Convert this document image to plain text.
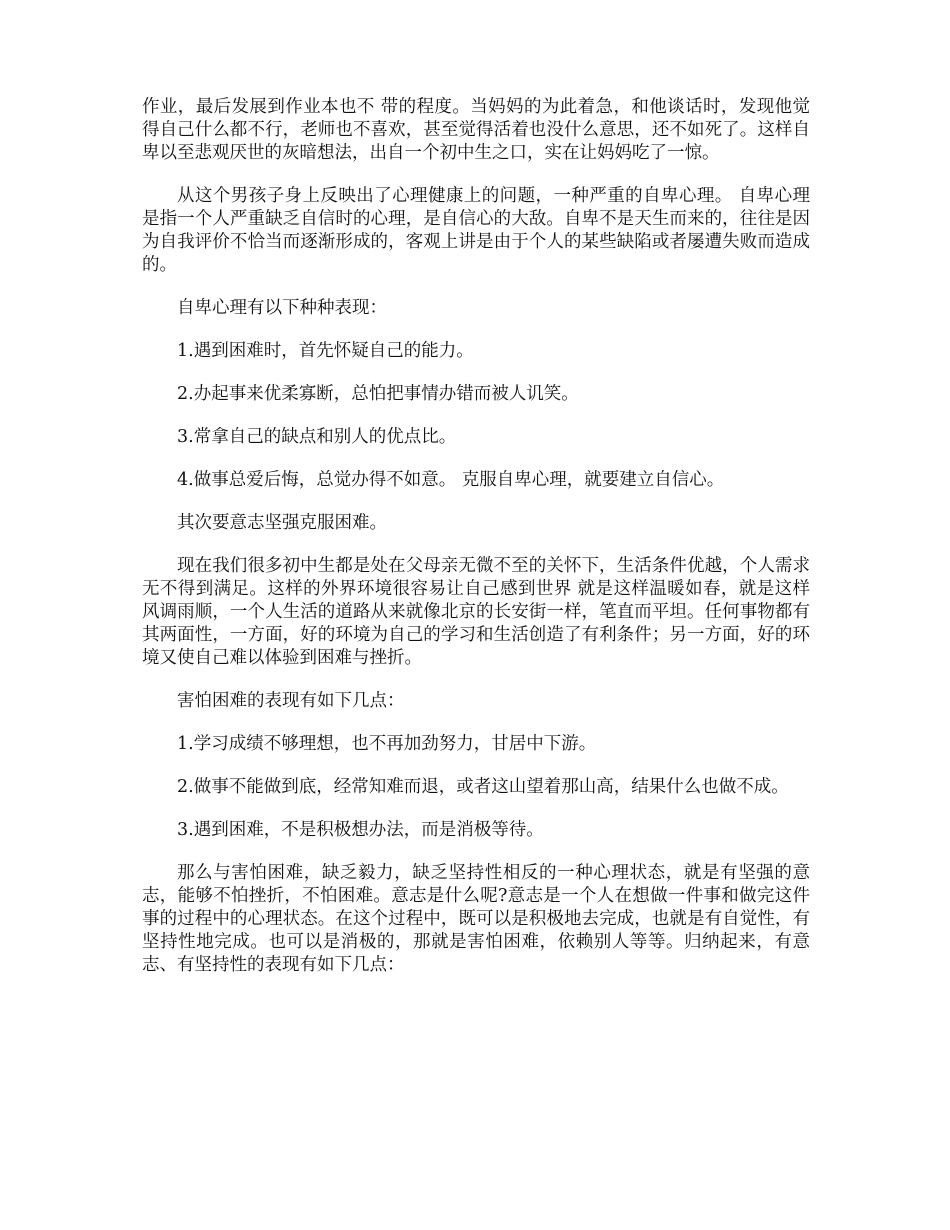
作业，最后发展到作业本也不 带的程度。当妈妈的为此着急，和他谈话时，发现他觉得自己什么都不行，老师也不喜欢，甚至觉得活着也没什么意思，还不如死了。这样自卑以至悲观厌世的灰暗想法，出自一个初中生之口，实在让妈妈吃了一惊。

从这个男孩子身上反映出了心理健康上的问题，一种严重的自卑心理。 自卑心理是指一个人严重缺乏自信时的心理，是自信心的大敌。自卑不是天生而来的，往往是因为自我评价不恰当而逐渐形成的，客观上讲是由于个人的某些缺陷或者屡遭失败而造成的。

自卑心理有以下种种表现：

1.遇到困难时，首先怀疑自己的能力。

2.办起事来优柔寡断，总怕把事情办错而被人讥笑。

3.常拿自己的缺点和别人的优点比。

4.做事总爱后悔，总觉办得不如意。 克服自卑心理，就要建立自信心。

其次要意志坚强克服困难。

现在我们很多初中生都是处在父母亲无微不至的关怀下，生活条件优越，个人需求无不得到满足。这样的外界环境很容易让自己感到世界 就是这样温暖如春，就是这样风调雨顺，一个人生活的道路从来就像北京的长安街一样，笔直而平坦。任何事物都有其两面性，一方面，好的环境为自己的学习和生活创造了有利条件；另一方面，好的环境又使自己难以体验到困难与挫折。

害怕困难的表现有如下几点：

1.学习成绩不够理想，也不再加劲努力，甘居中下游。

2.做事不能做到底，经常知难而退，或者这山望着那山高，结果什么也做不成。

3.遇到困难，不是积极想办法，而是消极等待。

那么与害怕困难，缺乏毅力，缺乏坚持性相反的一种心理状态，就是有坚强的意志，能够不怕挫折，不怕困难。意志是什么呢?意志是一个人在想做一件事和做完这件事的过程中的心理状态。在这个过程中，既可以是积极地去完成，也就是有自觉性，有坚持性地完成。也可以是消极的，那就是害怕困难，依赖别人等等。归纳起来，有意志、有坚持性的表现有如下几点：
